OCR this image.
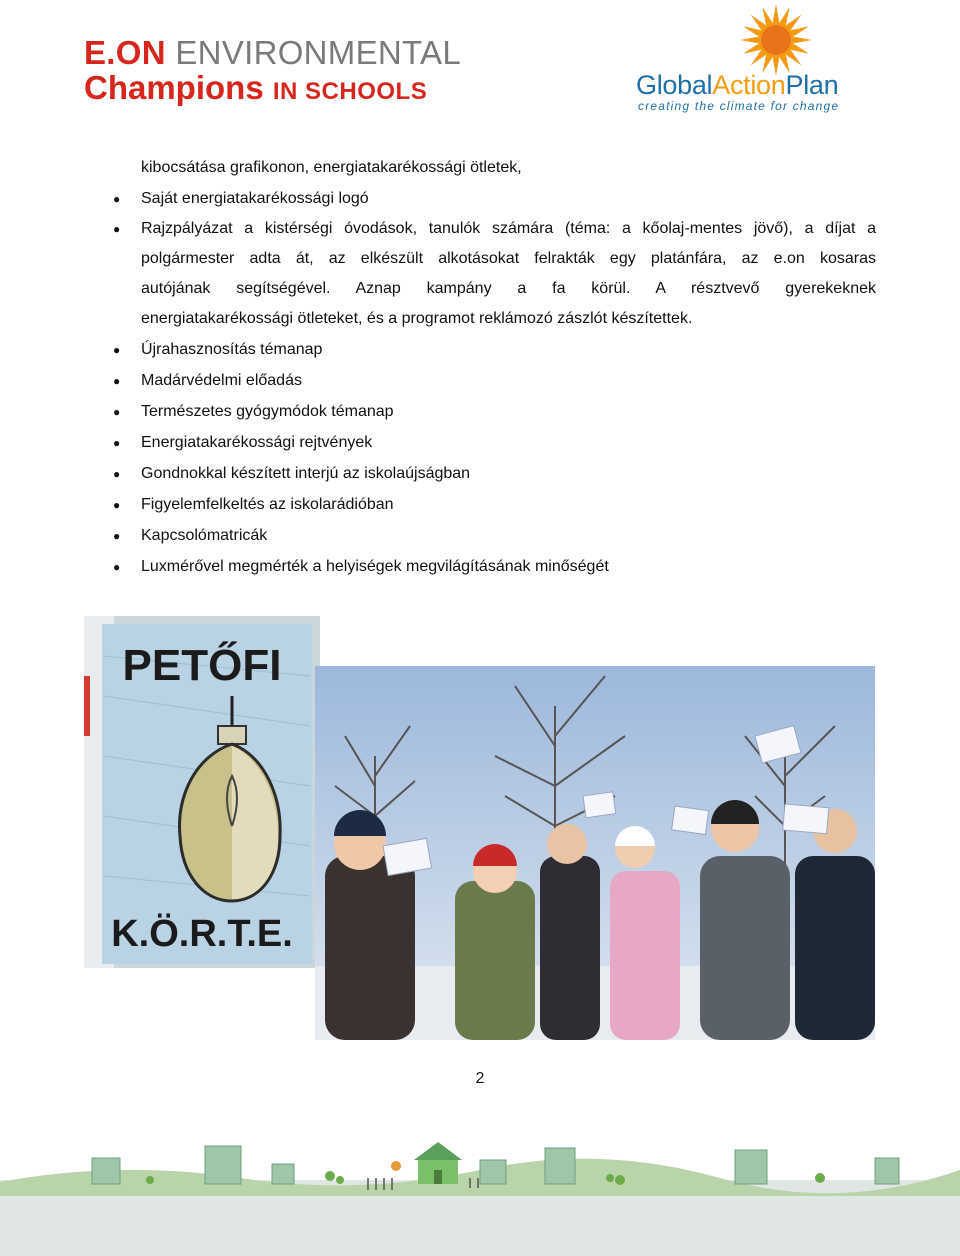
E.ON ENVIRONMENTAL
Champions IN SCHOOLS	GlobalActionPlan
creating the climate for change
kibocsátása grafikonon, energiatakarékossági ötletek,
●
Saját energiatakarékossági logó
●
Rajzpályázat a kistérségi óvodások, tanulók számára (téma: a kőolaj-mentes jövő), a díjat a
polgármester adta át, az elkészült alkotásokat felrakták egy platánfára, az e.on kosaras
autójának segítségével. Aznap kampány a fa körül. A résztvevő gyerekeknek
energiatakarékossági ötleteket, és a programot reklámozó zászlót készítettek.
●
Újrahasznosítás témanap
●
Madárvédelmi előadás
●
Természetes gyógymódok témanap
●
Energiatakarékossági rejtvények
●
Gondnokkal készített interjú az iskolaújságban
●
Figyelemfelkeltés az iskolarádióban
●
Kapcsolómatricák
●
Luxmérővel megmérték a helyiségek megvilágításának minőségét
PETŐFI
K.Ö.R.T.E.
2
